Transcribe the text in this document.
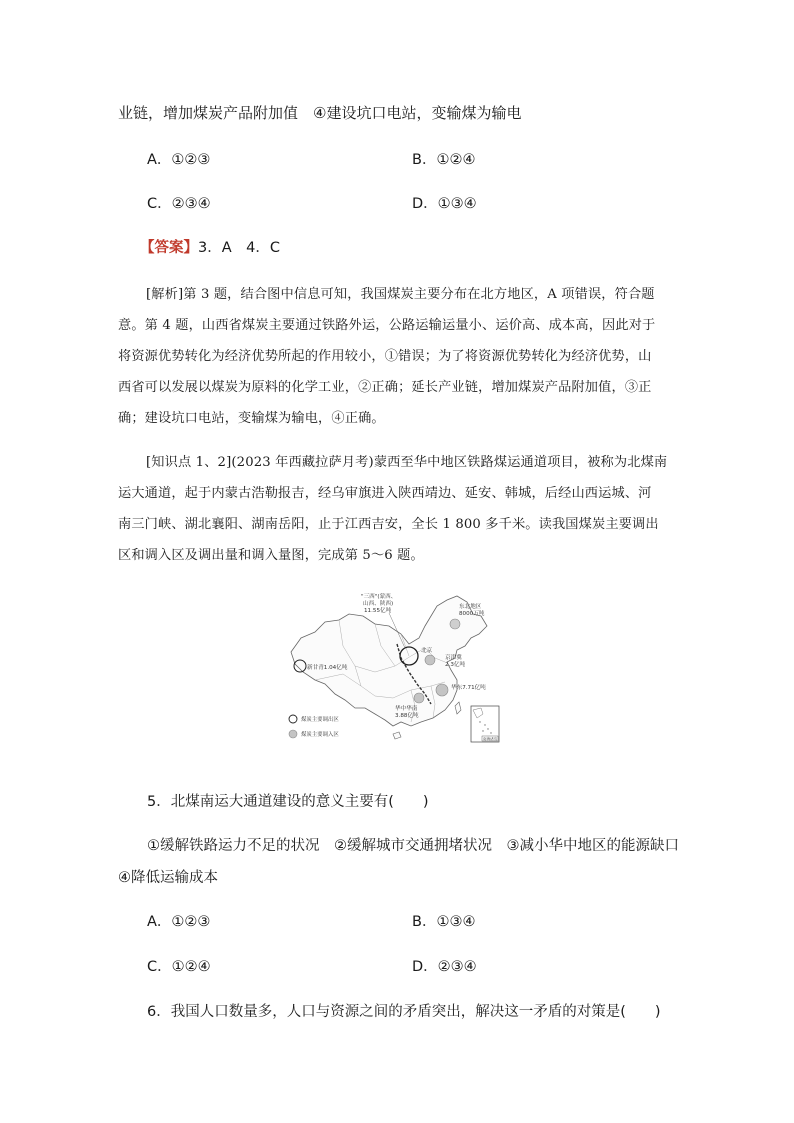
业链，增加煤炭产品附加值　④建设坑口电站，变输煤为输电
A．①②③	B．①②④
C．②③④	D．①③④
【答案】3．A　4．C
[解析]第 3 题，结合图中信息可知，我国煤炭主要分布在北方地区，A 项错误，符合题
意。第 4 题，山西省煤炭主要通过铁路外运，公路运输运量小、运价高、成本高，因此对于
将资源优势转化为经济优势所起的作用较小，①错误；为了将资源优势转化为经济优势，山
西省可以发展以煤炭为原料的化学工业，②正确；延长产业链，增加煤炭产品附加值，③正
确；建设坑口电站，变输煤为输电，④正确。
[知识点 1、2](2023 年西藏拉萨月考)蒙西至华中地区铁路煤运通道项目，被称为北煤南
运大通道，起于内蒙古浩勒报吉，经乌审旗进入陕西靖边、延安、韩城，后经山西运城、河
南三门峡、湖北襄阳、湖南岳阳，止于江西吉安，全长 1 800 多千米。读我国煤炭主要调出
区和调入区及调出量和调入量图，完成第 5～6 题。
"三西"(蒙西、
山西、陕西)
11.55亿吨
东北地区
8000万吨
北京
京津冀
2.3亿吨
新甘青1.04亿吨
华东7.71亿吨
华中华南
3.88亿吨
煤炭主要调出区
煤炭主要调入区
南海诸岛
5．北煤南运大通道建设的意义主要有(　　)
①缓解铁路运力不足的状况　②缓解城市交通拥堵状况　③减小华中地区的能源缺口
④降低运输成本
A．①②③	B．①③④
C．①②④	D．②③④
6．我国人口数量多，人口与资源之间的矛盾突出，解决这一矛盾的对策是(　　)
